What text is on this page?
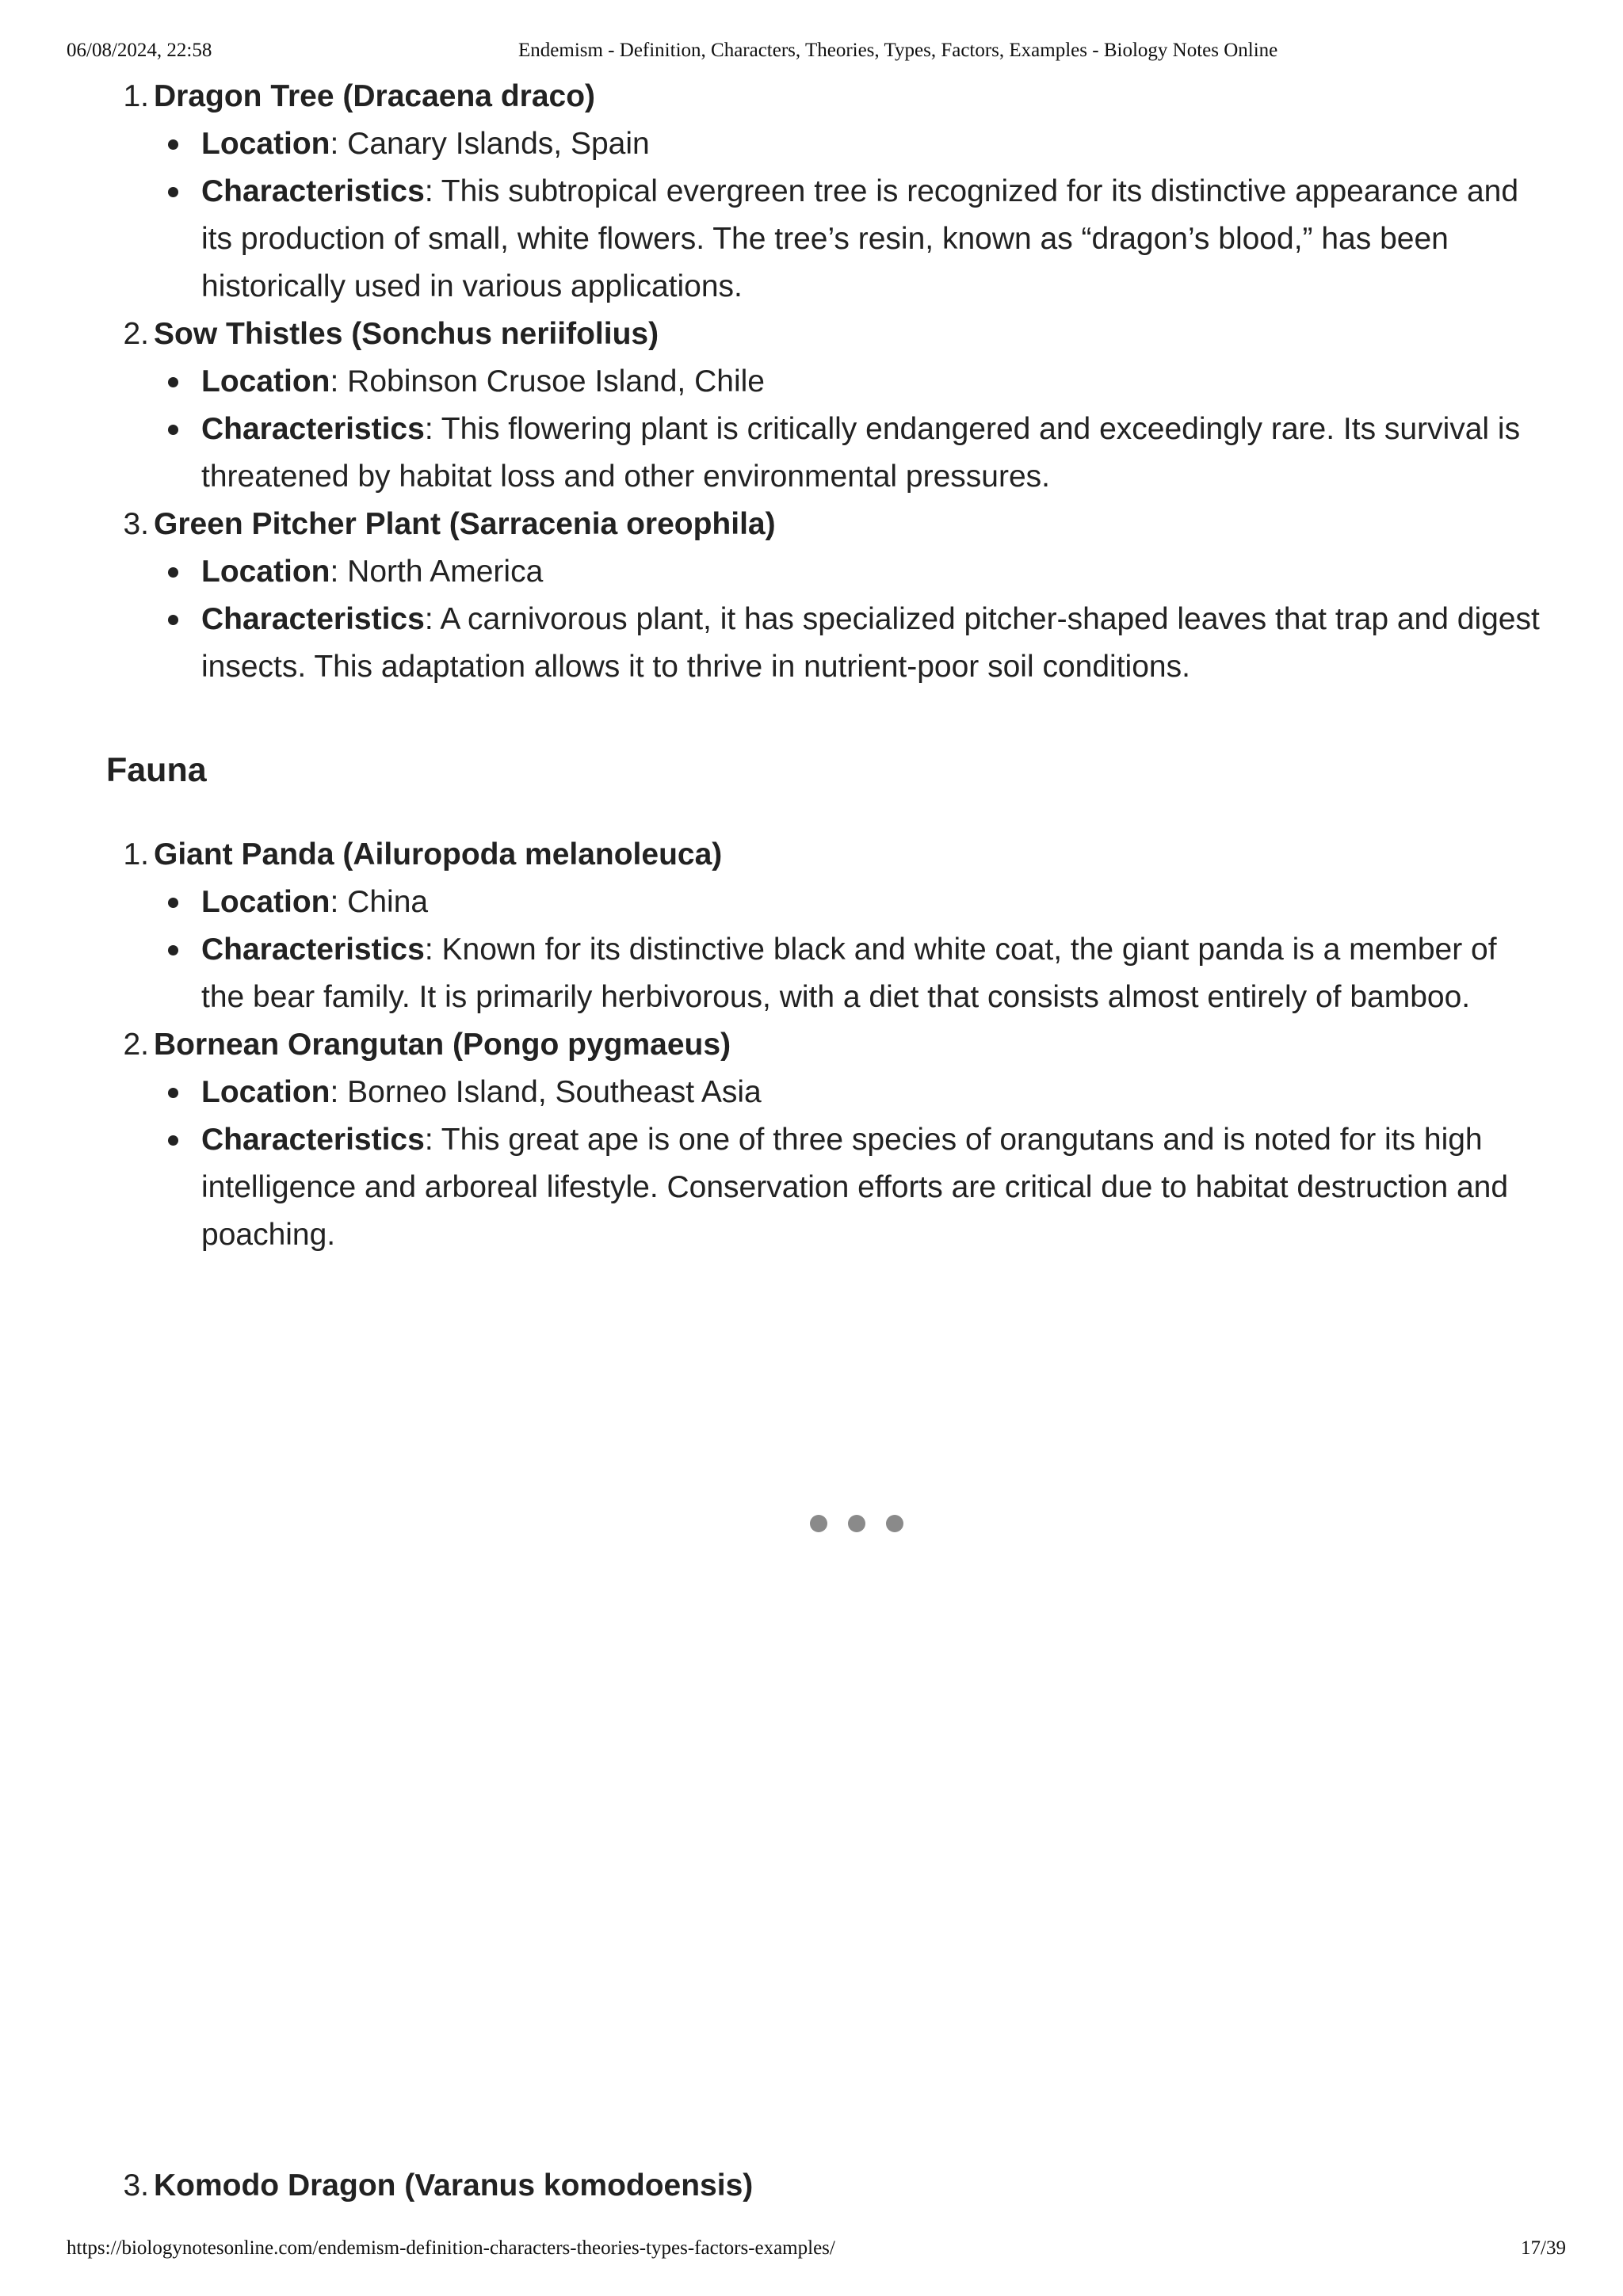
06/08/2024, 22:58	Endemism - Definition, Characters, Theories, Types, Factors, Examples - Biology Notes Online
1. Dragon Tree (Dracaena draco)
Location: Canary Islands, Spain
Characteristics: This subtropical evergreen tree is recognized for its distinctive appearance and its production of small, white flowers. The tree’s resin, known as “dragon’s blood,” has been historically used in various applications.
2. Sow Thistles (Sonchus neriifolius)
Location: Robinson Crusoe Island, Chile
Characteristics: This flowering plant is critically endangered and exceedingly rare. Its survival is threatened by habitat loss and other environmental pressures.
3. Green Pitcher Plant (Sarracenia oreophila)
Location: North America
Characteristics: A carnivorous plant, it has specialized pitcher-shaped leaves that trap and digest insects. This adaptation allows it to thrive in nutrient-poor soil conditions.
Fauna
1. Giant Panda (Ailuropoda melanoleuca)
Location: China
Characteristics: Known for its distinctive black and white coat, the giant panda is a member of the bear family. It is primarily herbivorous, with a diet that consists almost entirely of bamboo.
2. Bornean Orangutan (Pongo pygmaeus)
Location: Borneo Island, Southeast Asia
Characteristics: This great ape is one of three species of orangutans and is noted for its high intelligence and arboreal lifestyle. Conservation efforts are critical due to habitat destruction and poaching.
3. Komodo Dragon (Varanus komodoensis)
https://biologynotesonline.com/endemism-definition-characters-theories-types-factors-examples/	17/39
